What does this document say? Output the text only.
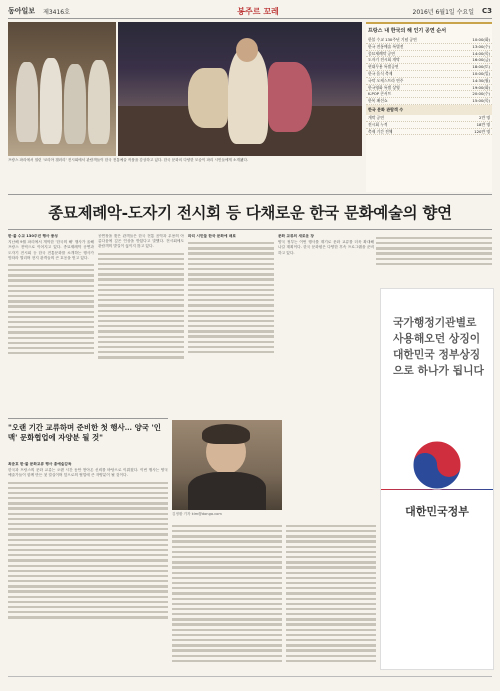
동아일보 제3416호	봉주르 꼬레	2016년 6월1일 수요일 C3
프랑스 파리에서 열린 '코리아 갤러리' 전시회에서 관람객들이 한국 전통예술 작품을 감상하고 있다. 한국 문화의 다양한 모습이 파리 시민들에게 소개됐다.
프랑스 내 한국의 해 인기 공연 순서
한불 수교 130주년 기념 공연	10:00(화)
한국 전통예술 특별전	13:00(수)
종묘제례악 공연	14:00(목)
도자기 전시회 개막	16:00(금)
현대무용 특별공연	18:00(토)
한국 음식 축제	10:00(일)
국악 오케스트라 연주	14:30(월)
한국영화 특별 상영	19:00(화)
K-POP 콘서트	20:00(수)
한복 패션쇼	15:00(목)
한국 문화 관람객 수
개막 공연	2만 명
전시회 누적	18만 명
축제 기간 전체	120만 명
종묘제례악-도자기 전시회 등 다채로운 한국 문화예술의 향연
한·불 수교 130주년 행사 풍성
지난해 9월 파리에서 개막한 '한국의 해' 행사가 올해 프랑스 전역으로 이어지고 있다. 종묘제례악 공연과 도자기 전시회 등 한국 전통문화를 소개하는 행사가 잇따라 열리며 현지 관객들의 큰 호응을 얻고 있다.
공연장을 찾은 관객들은 한국 전통 음악과 무용의 아름다움에 깊은 인상을 받았다고 말했다. 전시회에도 관람객의 발길이 끊이지 않고 있다.
파리 시민들 한국 문화에 매료	문화 교류의 새로운 장
양국 정부는 이번 행사를 계기로 문화 교류를 더욱 확대해 나갈 계획이다. 한국 문화원은 다양한 후속 프로그램을 준비하고 있다.
국가행정기관별로 사용해오던 상징이 대한민국 정부상징으로 하나가 됩니다
대한민국정부
"오랜 기간 교류하며 준비한 첫 행사… 양국 '인맥' 문화협업에 자양분 될 것"
최준호 한·불 문화교류 행사 총예술감독
한국과 프랑스의 문화 교류는 오랜 시간 동안 쌓아온 신뢰를 바탕으로 이뤄졌다. 이번 행사는 양국 예술가들이 함께 만든 첫 결실이며 앞으로의 협업에 큰 자양분이 될 것이다.
김정환 기자 kim@donga.com
